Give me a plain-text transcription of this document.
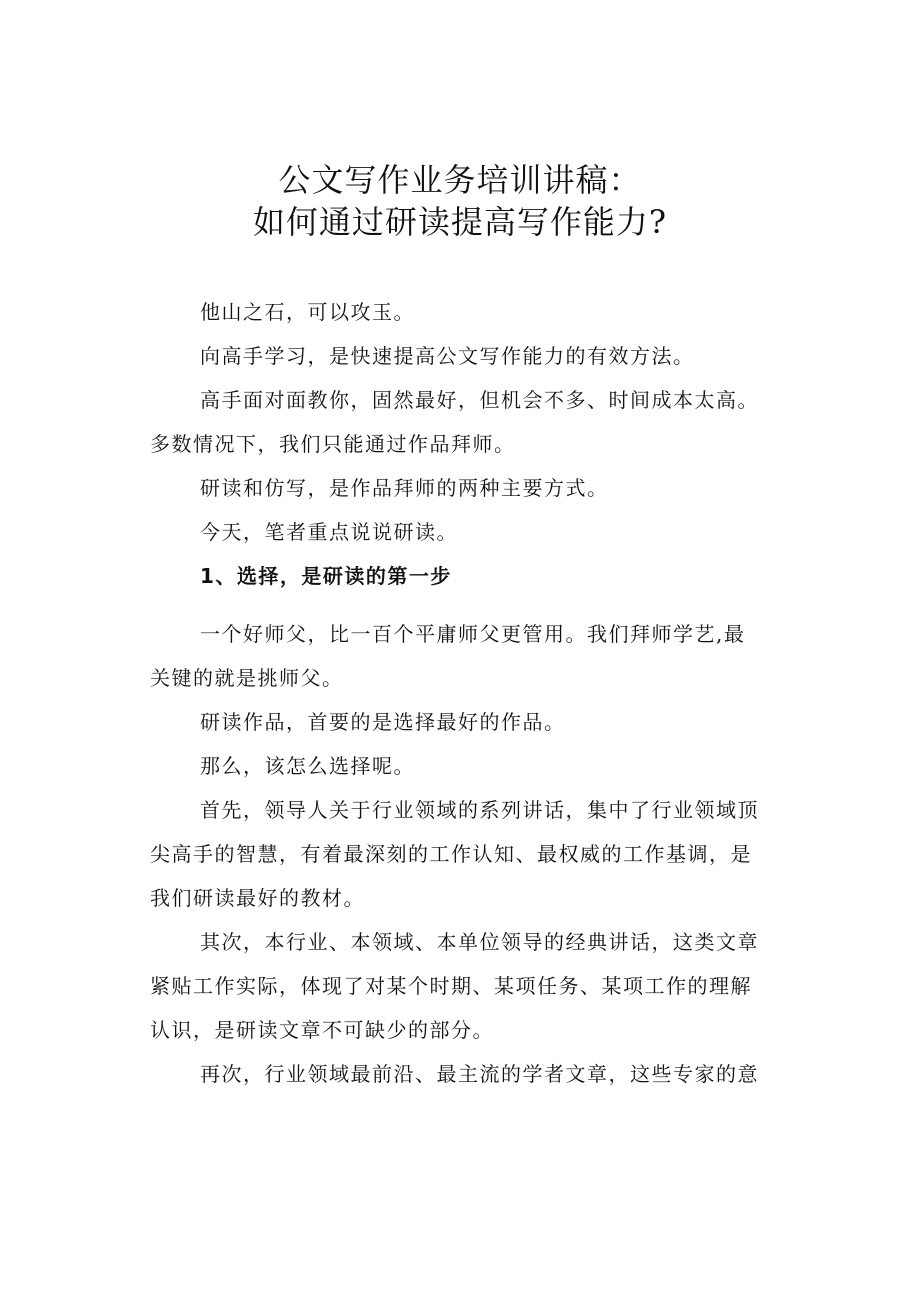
公文写作业务培训讲稿：
如何通过研读提高写作能力?

他山之石，可以攻玉。

向高手学习，是快速提高公文写作能力的有效方法。

高手面对面教你，固然最好，但机会不多、时间成本太高。

多数情况下，我们只能通过作品拜师。

研读和仿写，是作品拜师的两种主要方式。

今天，笔者重点说说研读。

1、选择，是研读的第一步

一个好师父，比一百个平庸师父更管用。我们拜师学艺,最

关键的就是挑师父。

研读作品，首要的是选择最好的作品。

那么，该怎么选择呢。

首先，领导人关于行业领域的系列讲话，集中了行业领域顶

尖高手的智慧，有着最深刻的工作认知、最权威的工作基调，是

我们研读最好的教材。

其次，本行业、本领域、本单位领导的经典讲话，这类文章

紧贴工作实际，体现了对某个时期、某项任务、某项工作的理解

认识，是研读文章不可缺少的部分。

再次，行业领域最前沿、最主流的学者文章，这些专家的意
